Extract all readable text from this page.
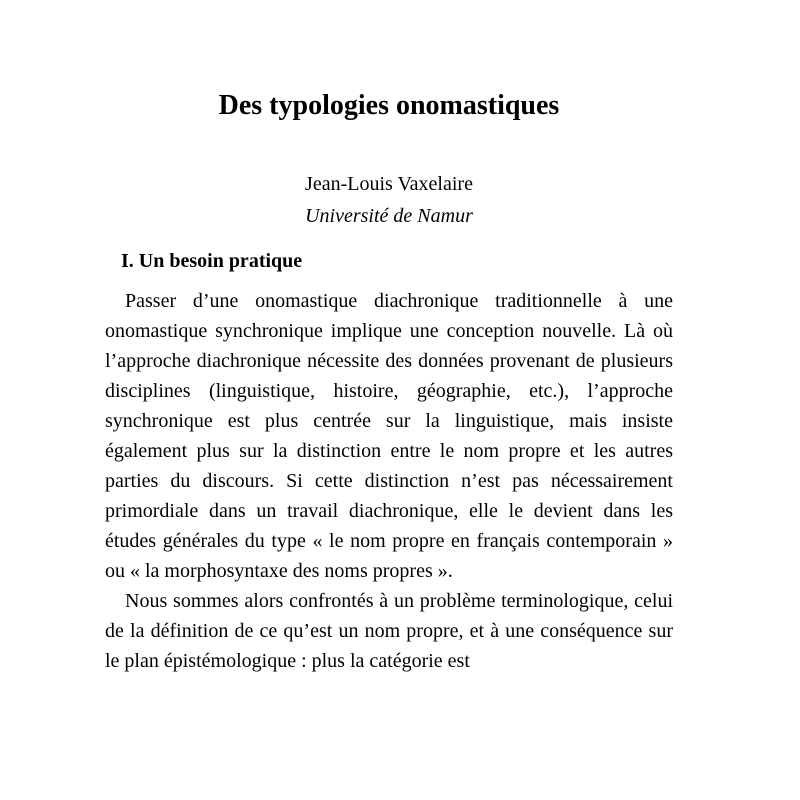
Des typologies onomastiques
Jean-Louis Vaxelaire
Université de Namur
I. Un besoin pratique

Passer d’une onomastique diachronique traditionnelle à une onomastique synchronique implique une conception nouvelle. Là où l’approche diachronique nécessite des données provenant de plusieurs disciplines (linguistique, histoire, géographie, etc.), l’approche synchronique est plus centrée sur la linguistique, mais insiste également plus sur la distinction entre le nom propre et les autres parties du discours. Si cette distinction n’est pas nécessairement primordiale dans un travail diachronique, elle le devient dans les études générales du type « le nom propre en français contemporain » ou « la morphosyntaxe des noms propres ».

Nous sommes alors confrontés à un problème terminologique, celui de la définition de ce qu’est un nom propre, et à une conséquence sur le plan épistémologique : plus la catégorie est
